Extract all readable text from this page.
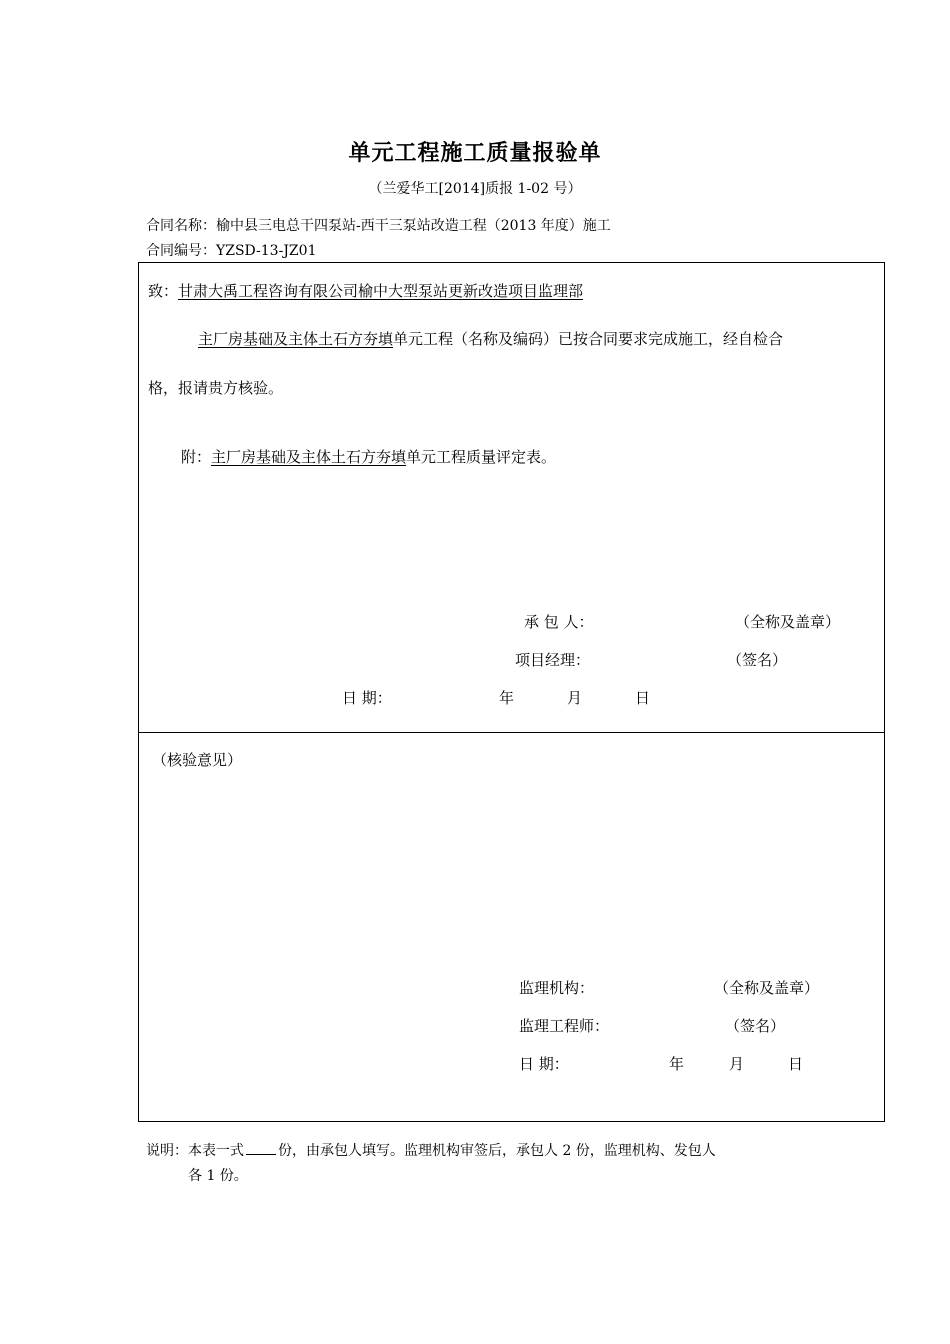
单元工程施工质量报验单
（兰爱华工[2014]质报 1-02 号）
合同名称：榆中县三电总干四泵站-西干三泵站改造工程（2013 年度）施工
合同编号：YZSD-13-JZ01
致：甘肃大禹工程咨询有限公司榆中大型泵站更新改造项目监理部
主厂房基础及主体土石方夯填单元工程（名称及编码）已按合同要求完成施工，经自检合
格，报请贵方核验。
附：主厂房基础及主体土石方夯填单元工程质量评定表。
承 包 人：	（全称及盖章）
项目经理：	（签名）
日 期：	年	月	日
（核验意见）
监理机构：	（全称及盖章）
监理工程师：	（签名）
日 期：	年	月	日
说明：本表一式 份，由承包人填写。监理机构审签后，承包人 2 份，监理机构、发包人
各 1 份。
